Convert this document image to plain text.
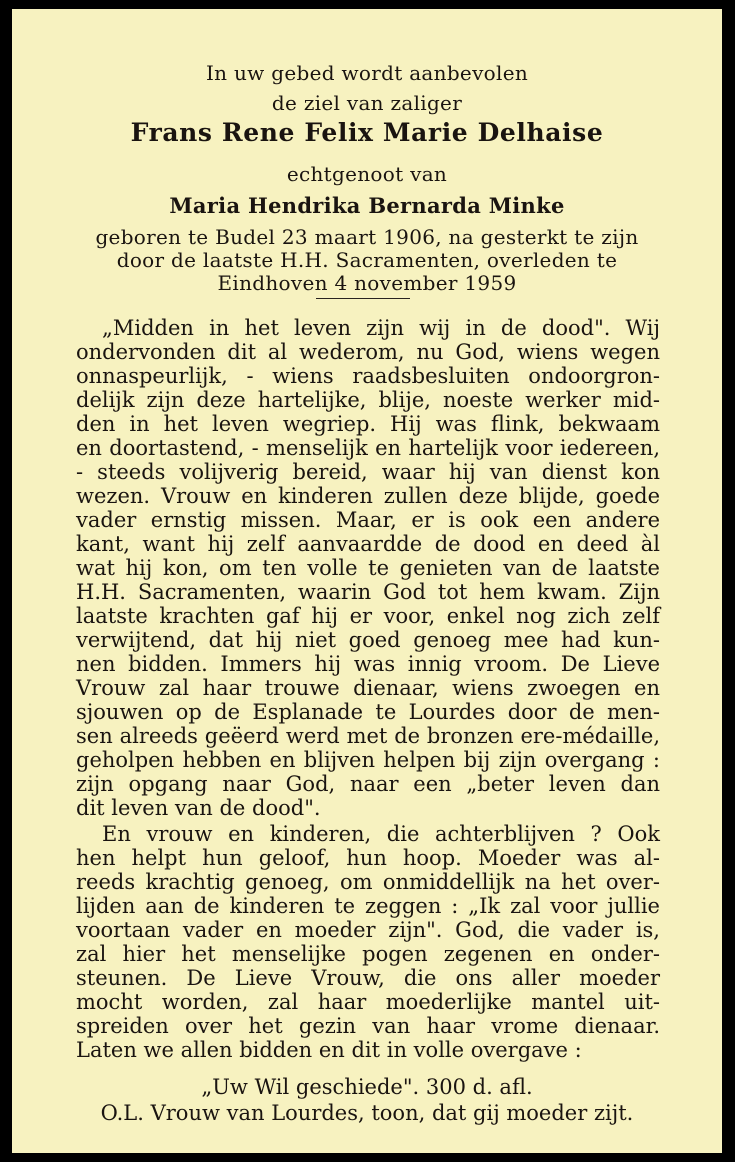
In uw gebed wordt aanbevolen
de ziel van zaliger
Frans Rene Felix Marie Delhaise
echtgenoot van
Maria Hendrika Bernarda Minke
geboren te Budel 23 maart 1906, na gesterkt te zijn
door de laatste H.H. Sacramenten, overleden te
Eindhoven 4 november 1959
„Midden in het leven zijn wij in de dood". Wij
ondervonden dit al wederom, nu God, wiens wegen
onnaspeurlijk, - wiens raadsbesluiten ondoorgron-
delijk zijn deze hartelijke, blije, noeste werker mid-
den in het leven wegriep. Hij was flink, bekwaam
en doortastend, - menselijk en hartelijk voor iedereen,
- steeds volijverig bereid, waar hij van dienst kon
wezen. Vrouw en kinderen zullen deze blijde, goede
vader ernstig missen. Maar, er is ook een andere
kant, want hij zelf aanvaardde de dood en deed àl
wat hij kon, om ten volle te genieten van de laatste
H.H. Sacramenten, waarin God tot hem kwam. Zijn
laatste krachten gaf hij er voor, enkel nog zich zelf
verwijtend, dat hij niet goed genoeg mee had kun-
nen bidden. Immers hij was innig vroom. De Lieve
Vrouw zal haar trouwe dienaar, wiens zwoegen en
sjouwen op de Esplanade te Lourdes door de men-
sen alreeds geëerd werd met de bronzen ere-médaille,
geholpen hebben en blijven helpen bij zijn overgang :
zijn opgang naar God, naar een „beter leven dan
dit leven van de dood".
En vrouw en kinderen, die achterblijven ? Ook
hen helpt hun geloof, hun hoop. Moeder was al-
reeds krachtig genoeg, om onmiddellijk na het over-
lijden aan de kinderen te zeggen : „Ik zal voor jullie
voortaan vader en moeder zijn". God, die vader is,
zal hier het menselijke pogen zegenen en onder-
steunen. De Lieve Vrouw, die ons aller moeder
mocht worden, zal haar moederlijke mantel uit-
spreiden over het gezin van haar vrome dienaar.
Laten we allen bidden en dit in volle overgave :
„Uw Wil geschiede". 300 d. afl.
O.L. Vrouw van Lourdes, toon, dat gij moeder zijt.
